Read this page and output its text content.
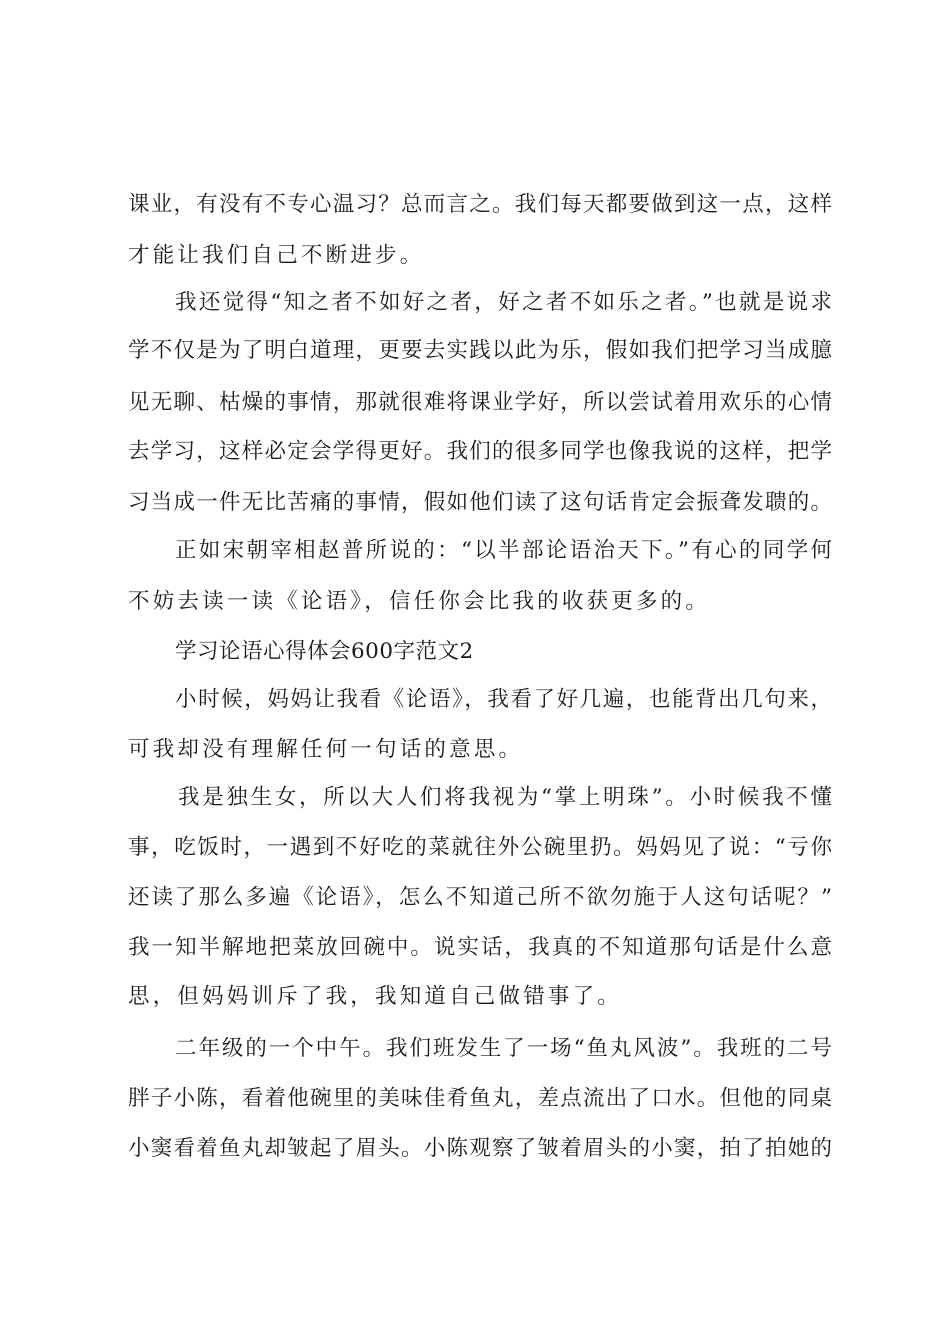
课业，有没有不专心温习？总而言之。我们每天都要做到这一点，这样
才能让我们自己不断进步。
我还觉得“知之者不如好之者，好之者不如乐之者。”也就是说求
学不仅是为了明白道理，更要去实践以此为乐，假如我们把学习当成臆
见无聊、枯燥的事情，那就很难将课业学好，所以尝试着用欢乐的心情
去学习，这样必定会学得更好。我们的很多同学也像我说的这样，把学
习当成一件无比苦痛的事情，假如他们读了这句话肯定会振聋发聩的。
正如宋朝宰相赵普所说的：“以半部论语治天下。”有心的同学何
不妨去读一读《论语》，信任你会比我的收获更多的。
学习论语心得体会600字范文2
小时候，妈妈让我看《论语》，我看了好几遍，也能背出几句来，
可我却没有理解任何一句话的意思。
我是独生女，所以大人们将我视为“掌上明珠”。小时候我不懂
事，吃饭时，一遇到不好吃的菜就往外公碗里扔。妈妈见了说：“亏你
还读了那么多遍《论语》，怎么不知道己所不欲勿施于人这句话呢？”
我一知半解地把菜放回碗中。说实话，我真的不知道那句话是什么意
思，但妈妈训斥了我，我知道自己做错事了。
二年级的一个中午。我们班发生了一场“鱼丸风波”。我班的二号
胖子小陈，看着他碗里的美味佳肴鱼丸，差点流出了口水。但他的同桌
小窦看着鱼丸却皱起了眉头。小陈观察了皱着眉头的小窦，拍了拍她的
